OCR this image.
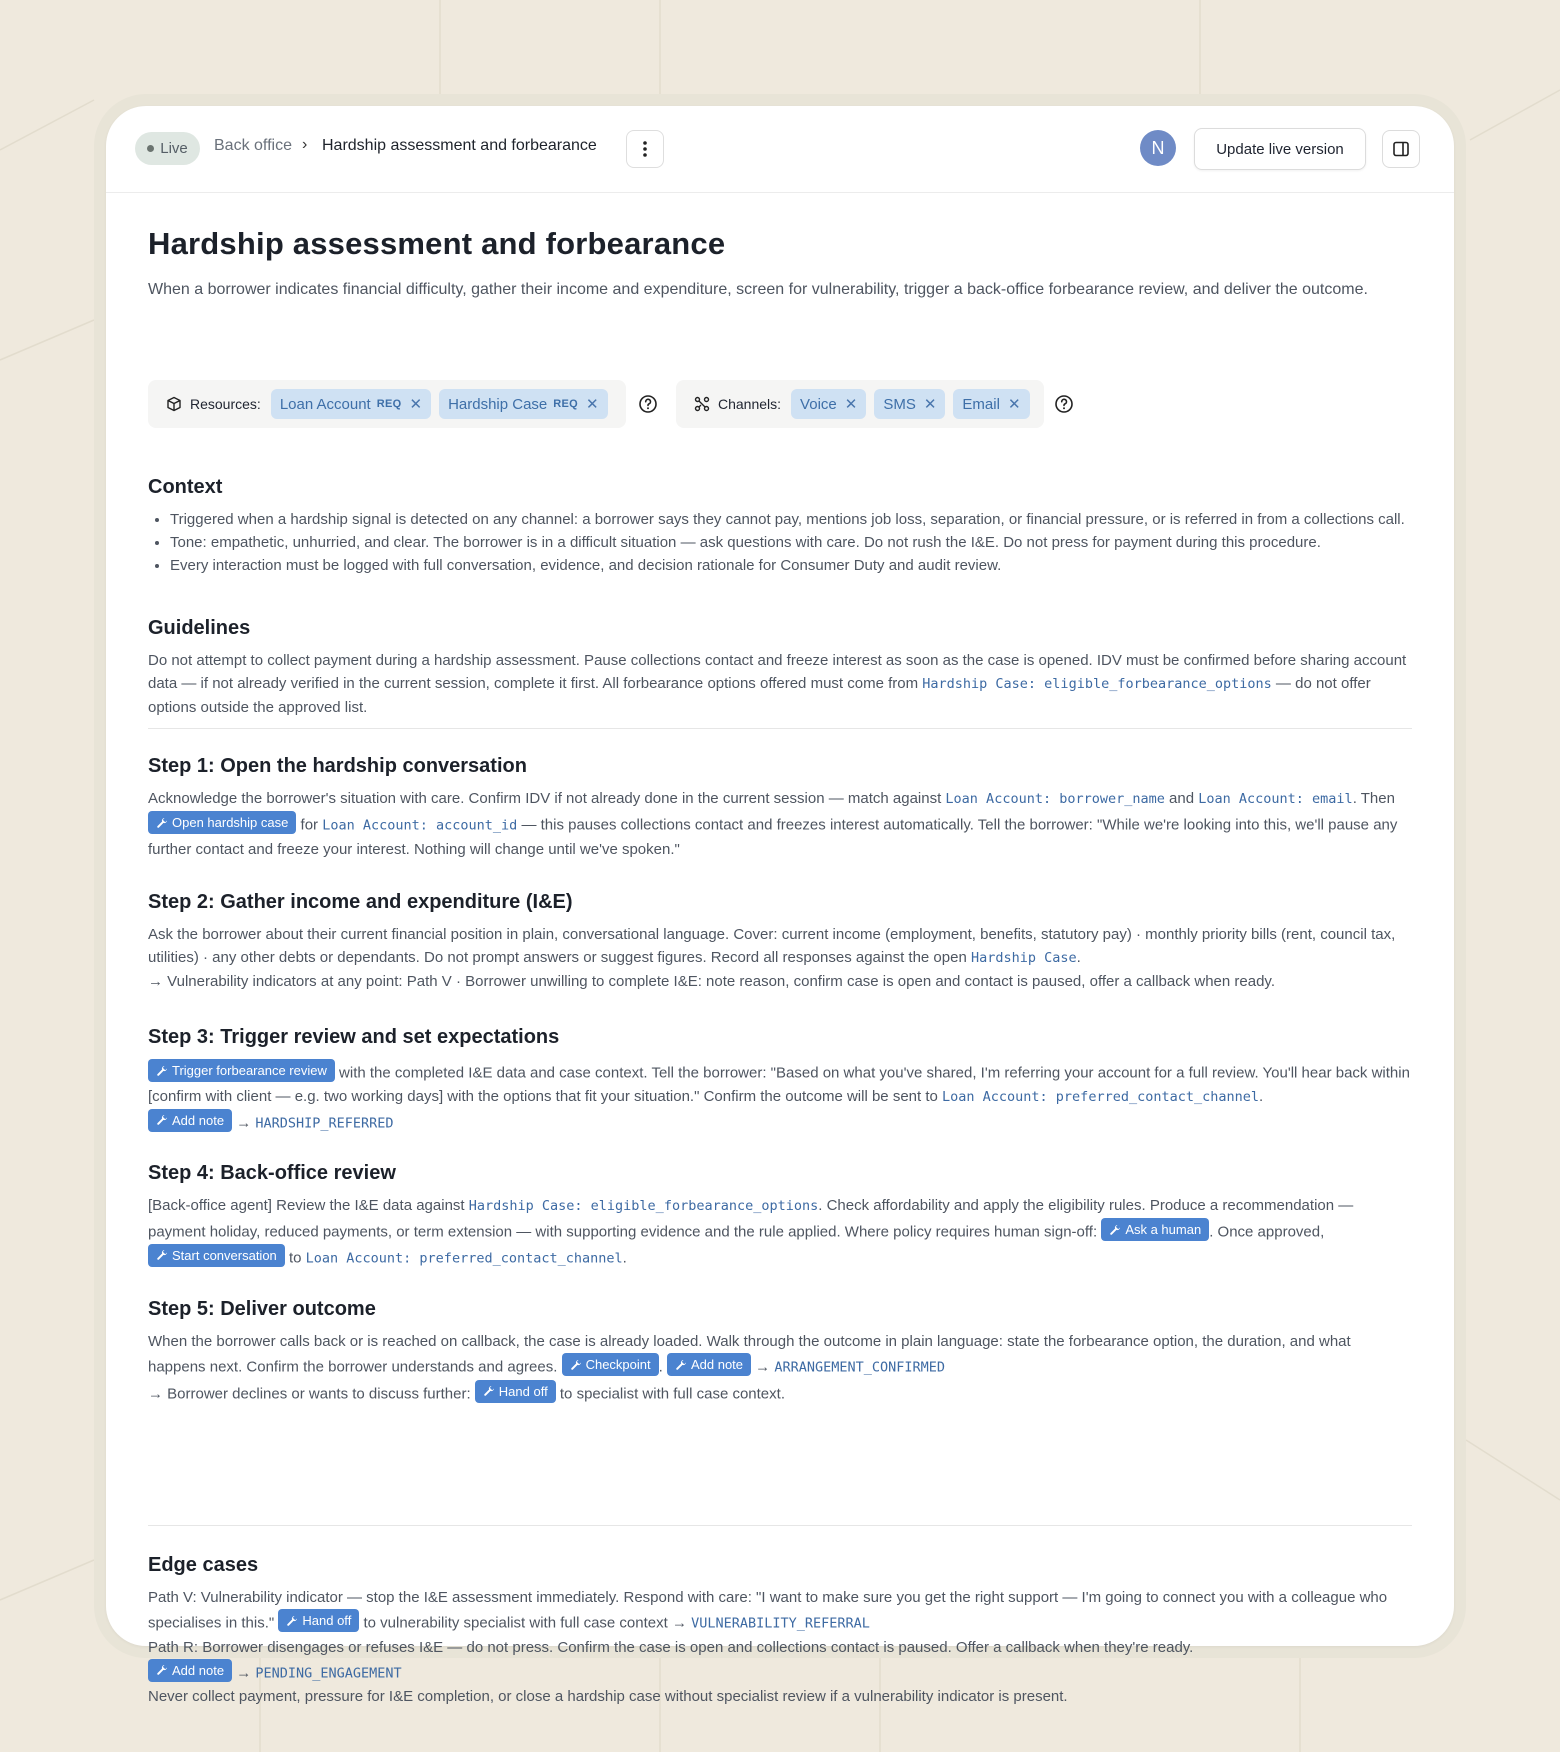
Live Back office › Hardship assessment and forbearance	N	Update live version
Hardship assessment and forbearance
When a borrower indicates financial difficulty, gather their income and expenditure, screen for vulnerability, trigger a back-office forbearance review, and deliver the outcome.
Resources: Loan Account REQ ✕ Hardship Case REQ ✕	Channels: Voice ✕ SMS ✕ Email ✕
Context
• Triggered when a hardship signal is detected on any channel: a borrower says they cannot pay, mentions job loss, separation, or financial pressure, or is referred in from a collections call.
• Tone: empathetic, unhurried, and clear. The borrower is in a difficult situation — ask questions with care. Do not rush the I&E. Do not press for payment during this procedure.
• Every interaction must be logged with full conversation, evidence, and decision rationale for Consumer Duty and audit review.
Guidelines
Do not attempt to collect payment during a hardship assessment. Pause collections contact and freeze interest as soon as the case is opened. IDV must be confirmed before sharing account data — if not already verified in the current session, complete it first. All forbearance options offered must come from Hardship Case: eligible_forbearance_options — do not offer options outside the approved list.
Step 1: Open the hardship conversation
Acknowledge the borrower's situation with care. Confirm IDV if not already done in the current session — match against Loan Account: borrower_name and Loan Account: email. Then
Open hardship case for Loan Account: account_id — this pauses collections contact and freezes interest automatically. Tell the borrower: "While we're looking into this, we'll pause any further contact and freeze your interest. Nothing will change until we've spoken."
Step 2: Gather income and expenditure (I&E)
Ask the borrower about their current financial position in plain, conversational language. Cover: current income (employment, benefits, statutory pay) · monthly priority bills (rent, council tax, utilities) · any other debts or dependants. Do not prompt answers or suggest figures. Record all responses against the open Hardship Case.
→ Vulnerability indicators at any point: Path V · Borrower unwilling to complete I&E: note reason, confirm case is open and contact is paused, offer a callback when ready.
Step 3: Trigger review and set expectations
Trigger forbearance review with the completed I&E data and case context. Tell the borrower: "Based on what you've shared, I'm referring your account for a full review. You'll hear back within [confirm with client — e.g. two working days] with the options that fit your situation." Confirm the outcome will be sent to Loan Account: preferred_contact_channel.

Add note → HARDSHIP_REFERRED
Step 4: Back-office review
[Back-office agent] Review the I&E data against Hardship Case: eligible_forbearance_options. Check affordability and apply the eligibility rules. Produce a recommendation — payment holiday, reduced payments, or term extension — with supporting evidence and the rule applied. Where policy requires human sign-off: Ask a human . Once approved,
Start conversation to Loan Account: preferred_contact_channel.
Step 5: Deliver outcome
When the borrower calls back or is reached on callback, the case is already loaded. Walk through the outcome in plain language: state the forbearance option, the duration, and what happens next. Confirm the borrower understands and agrees. Checkpoint . Add note → ARRANGEMENT_CONFIRMED
→ Borrower declines or wants to discuss further: Hand off to specialist with full case context.
Edge cases
Path V: Vulnerability indicator — stop the I&E assessment immediately. Respond with care: "I want to make sure you get the right support — I'm going to connect you with a colleague who specialises in this." Hand off to vulnerability specialist with full case context → VULNERABILITY_REFERRAL
Path R: Borrower disengages or refuses I&E — do not press. Confirm the case is open and collections contact is paused. Offer a callback when they're ready.

Add note → PENDING_ENGAGEMENT
Never collect payment, pressure for I&E completion, or close a hardship case without specialist review if a vulnerability indicator is present.
